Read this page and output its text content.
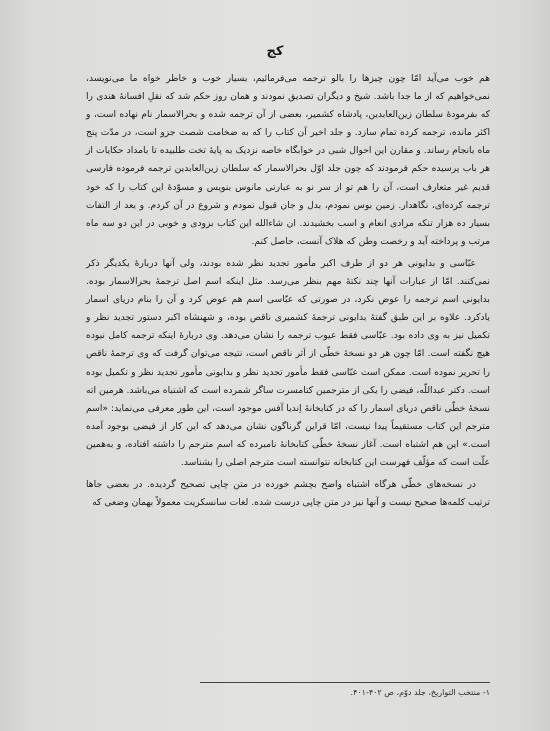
کج

هم خوب می‌آید امّا چون چیزها را بالو ترجمه می‌فرمائیم، بسیار خوب و خاطر خواه ما می‌نویسد، نمی‌خواهیم که از ما جدا باشد. شیخ و دیگران تصدیق نمودند و همان روز حکم شد که نقلِ افسانهٔ هندی را که بفرمودهٔ سلطان زین‌العابدین، پادشاه کشمیر، بعضی از آن ترجمه شده و بحرالاسمار نام نهاده است، و اکثر مانده، ترجمه کرده تمام سازد. و جلد اخیر آن کتاب را که به ضخامت شصت جزو است، در مدّت پنج ماه بانجام رساند. و مقارن این احوال شبی در خوابگاه خاصه نزدیک به پایهٔ تخت طلبیده تا بامداد حکایات از هر باب پرسیده حکم فرمودند که چون جلد اوّل بحرالاسمار که سلطان زین‌العابدین ترجمه فرموده فارسی قدیم غیر متعارف است، آن را هم تو از سر نو به عبارتی مانوس بنویس و مسوّدهٔ این کتاب را که خود ترجمه کرده‌ای، نگاهدار. زمین بوس نمودم، بدل و جان قبول نمودم و شروع در آن کردم. و بعد از التفات بسیار ده هزار تنکه مرادی انعام و اسب بخشیدند. ان شاءالله این کتاب بزودی و خوبی در این دو سه ماه مرتب و پرداخته آید و رخصت وطن که هلاک آنست، حاصل کنم.

عبّاسی و بدایونی هر دو از طرف اکبر مأمور تجدید نظر شده بودند، ولی آنها دربارهٔ یکدیگر ذکر نمی‌کنند. امّا از عبارات آنها چند نکتهٔ مهم بنظر می‌رسد. مثل اینکه اسم اصل ترجمهٔ بحرالاسمار بوده. بدایونی اسم ترجمه را عوض نکرد، در صورتی که عبّاسی اسم هم عوض کرد و آن را بنام دریای اسمار یادکرد. علاوه بر این طبق گفتهٔ بدایونی ترجمهٔ کشمیری ناقص بوده، و شهنشاه اکبر دستور تجدید نظر و تکمیل نیز به وی داده بود. عبّاسی فقط عیوب ترجمه را نشان می‌دهد. وی دربارهٔ اینکه ترجمه کامل نبوده هیچ نگفته است. امّا چون هر دو نسخهٔ خطّی از اَثر ناقص است، نتیجه می‌توان گرفت که وی ترجمهٔ ناقص را تحریر نموده است. ممکن است عبّاسی فقط مأمور تجدید نظر و بدایونی مأمور تجدید نظر و تکمیل بوده است. دکتر عبداللّه، فیضی را یکی از مترجمین کتامسرت ساگر شمرده است که اشتباه می‌باشد. هرمین اته نسخهٔ خطّی ناقص دریای اسمار را که در کتابخانهٔ اِندیا آفس موجود است، این طور معرفی می‌نماید: «اسم مترجم این کتاب مستقیماً پیدا نیست، امّا قراین گرناگون نشان می‌دهد که این کار از فیضی بوجود آمده است.» این هم اشتباه است. آغاز نسخهٔ خطّی کتابخانهٔ نامبرده که اسم مترجم را داشته افتاده، و به‌همین علّت است که مؤلّف فهرست این کتابخانه نتوانسته است مترجم اصلی را بشناسد.

در نسخه‌های خطّی هرگاه اشتباه واضح بچشم خورده در متن چاپی تصحیح گردیده. در بعضی جاها ترتیب کلمه‌ها صحیح نیست و آنها نیز در متن چاپی درست شده. لغات سانسکریت معمولاً بهمان وضعی که

۱- منتخب التواریخ، جلد دوّم، ص ۴۰۲-۴۰۱.
